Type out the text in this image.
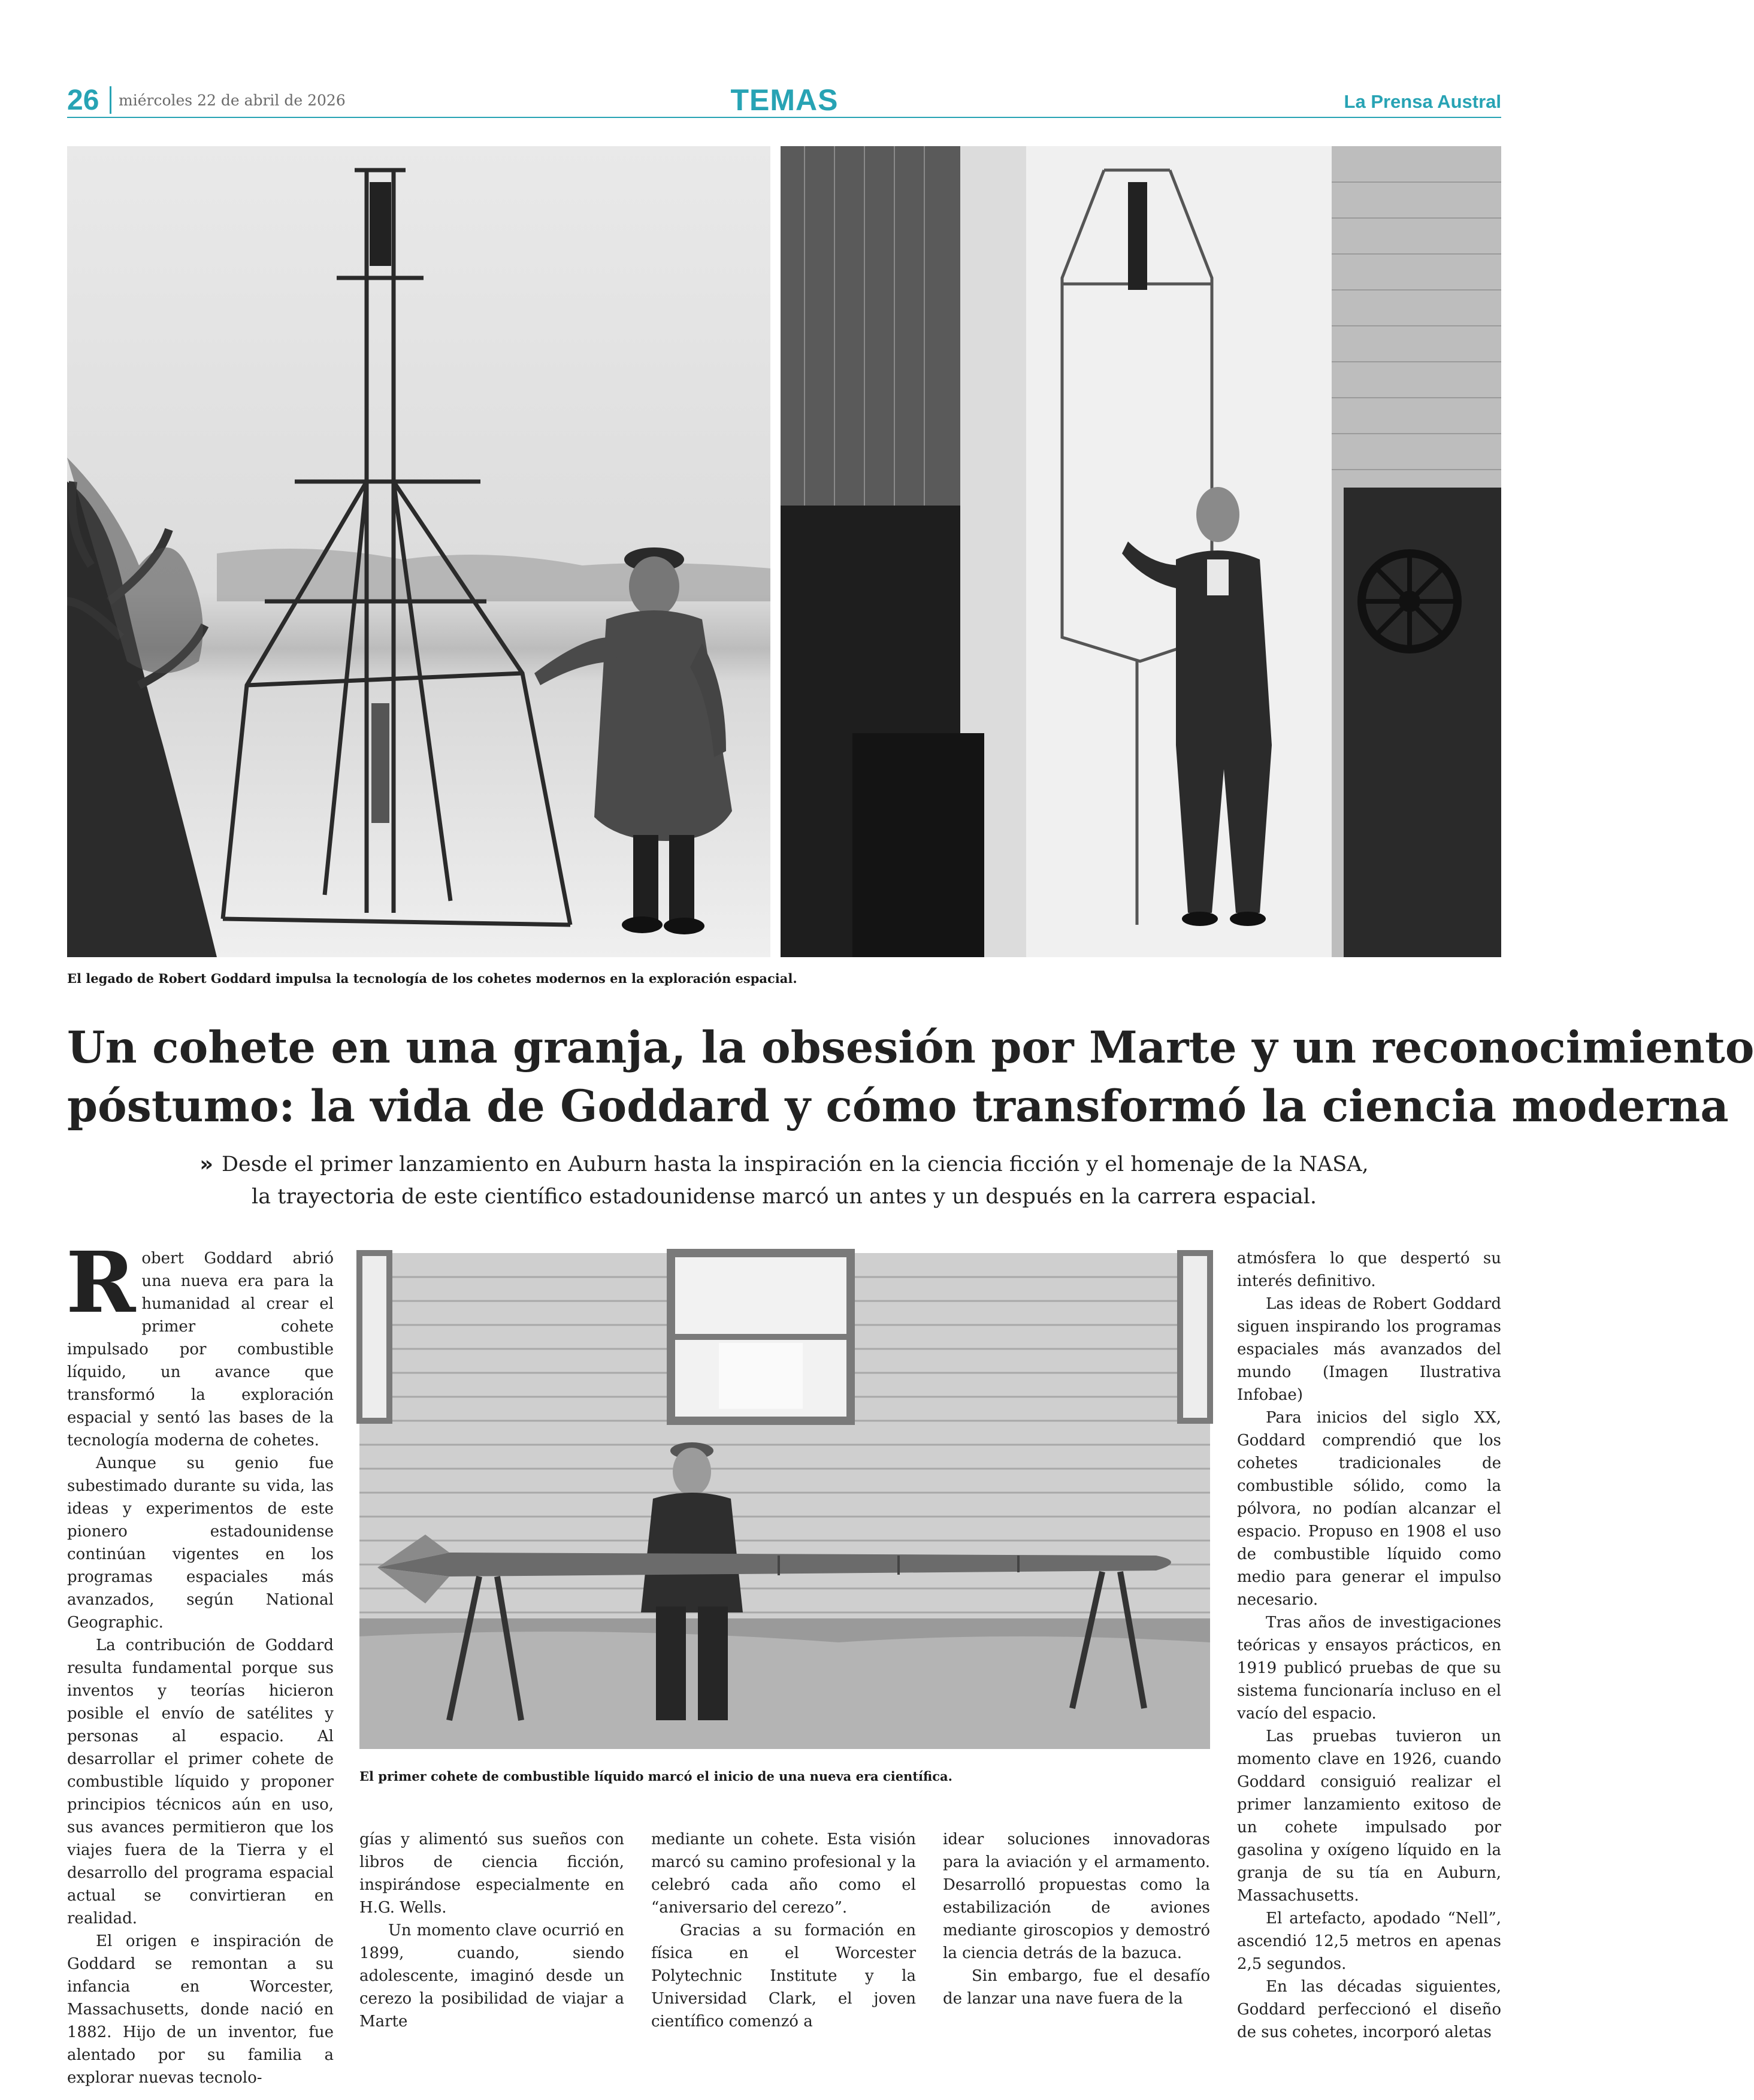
26 miércoles 22 de abril de 2026	TEMAS	La Prensa Austral
El legado de Robert Goddard impulsa la tecnología de los cohetes modernos en la exploración espacial.
Un cohete en una granja, la obsesión por Marte y un reconocimiento
póstumo: la vida de Goddard y cómo transformó la ciencia moderna
» Desde el primer lanzamiento en Auburn hasta la inspiración en la ciencia ficción y el homenaje de la NASA,
la trayectoria de este científico estadounidense marcó un antes y un después en la carrera espacial.
El primer cohete de combustible líquido marcó el inicio de una nueva era científica.

Robert Goddard abrió una nueva era para la humanidad al crear el primer cohete impulsado por combustible líquido, un avance que transformó la exploración espacial y sentó las bases de la tecnología moderna de cohetes.

Aunque su genio fue subestimado durante su vida, las ideas y experimentos de este pionero estadounidense continúan vigentes en los programas espaciales más avanzados, según National Geographic.

La contribución de Goddard resulta fundamental porque sus inventos y teorías hicieron posible el envío de satélites y personas al espacio. Al desarrollar el primer cohete de combustible líquido y proponer principios técnicos aún en uso, sus avances permitieron que los viajes fuera de la Tierra y el desarrollo del programa espacial actual se convirtieran en realidad.

El origen e inspiración de Goddard se remontan a su infancia en Worcester, Massachusetts, donde nació en 1882. Hijo de un inventor, fue alentado por su familia a explorar nuevas tecnolo-

gías y alimentó sus sueños con libros de ciencia ficción, inspirándose especialmente en H.G. Wells.

Un momento clave ocurrió en 1899, cuando, siendo adolescente, imaginó desde un cerezo la posibilidad de viajar a Marte

mediante un cohete. Esta visión marcó su camino profesional y la celebró cada año como el “aniversario del cerezo”.

Gracias a su formación en física en el Worcester Polytechnic Institute y la Universidad Clark, el joven científico comenzó a

idear soluciones innovadoras para la aviación y el armamento. Desarrolló propuestas como la estabilización de aviones mediante giroscopios y demostró la ciencia detrás de la bazuca.

Sin embargo, fue el desafío de lanzar una nave fuera de la

atmósfera lo que despertó su interés definitivo.

Las ideas de Robert Goddard siguen inspirando los programas espaciales más avanzados del mundo (Imagen Ilustrativa Infobae)

Para inicios del siglo XX, Goddard comprendió que los cohetes tradicionales de combustible sólido, como la pólvora, no podían alcanzar el espacio. Propuso en 1908 el uso de combustible líquido como medio para generar el impulso necesario.

Tras años de investigaciones teóricas y ensayos prácticos, en 1919 publicó pruebas de que su sistema funcionaría incluso en el vacío del espacio.

Las pruebas tuvieron un momento clave en 1926, cuando Goddard consiguió realizar el primer lanzamiento exitoso de un cohete impulsado por gasolina y oxígeno líquido en la granja de su tía en Auburn, Massachusetts.

El artefacto, apodado “Nell”, ascendió 12,5 metros en apenas 2,5 segundos.

En las décadas siguientes, Goddard perfeccionó el diseño de sus cohetes, incorporó aletas
